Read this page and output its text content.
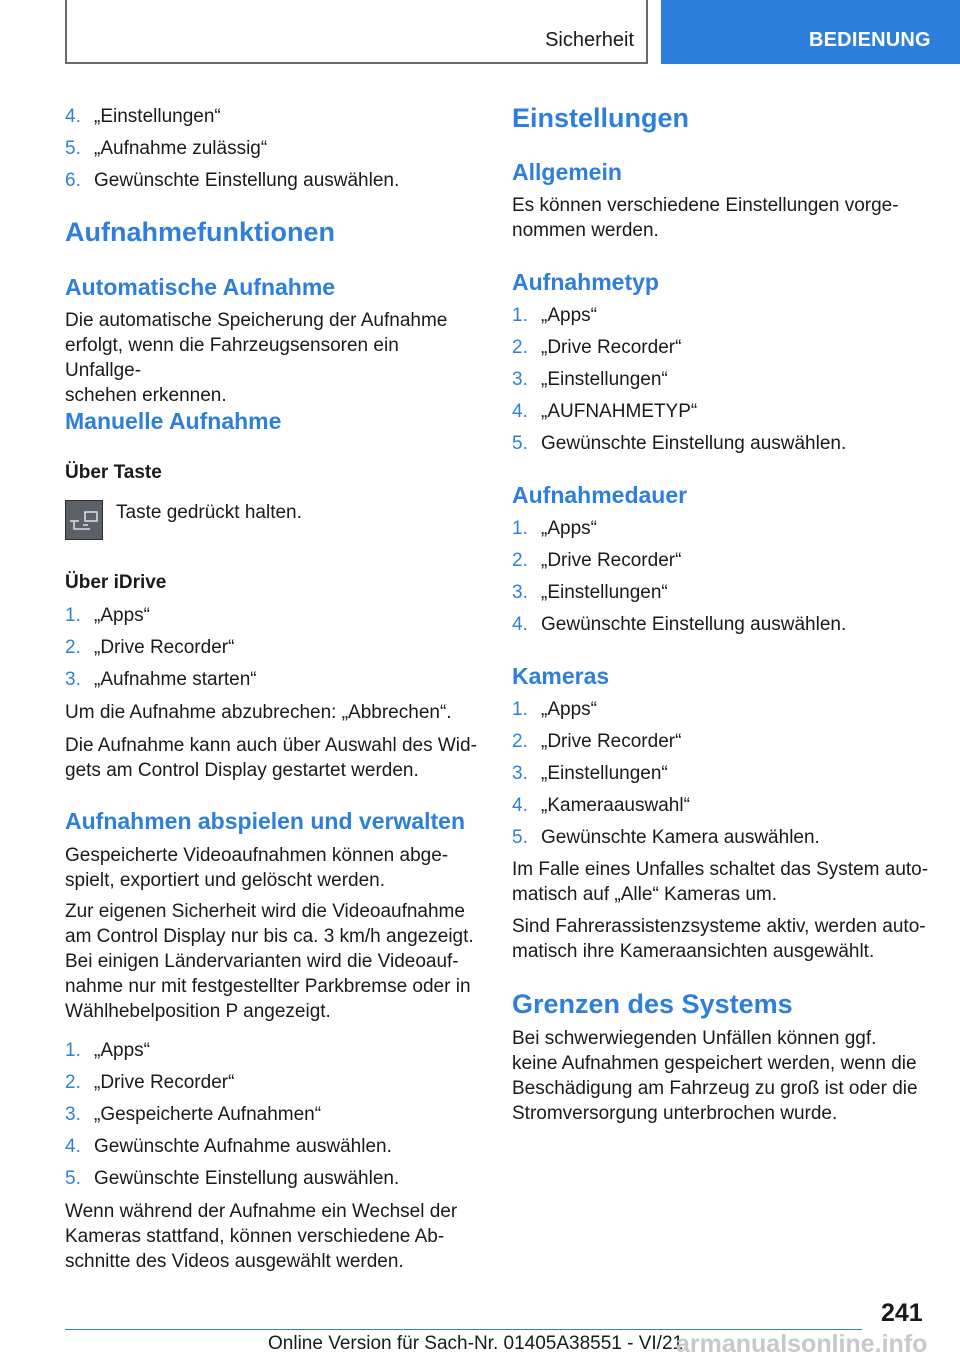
Sicherheit	BEDIENUNG
4. „Einstellungen“
5. „Aufnahme zulässig“
6. Gewünschte Einstellung auswählen.
Aufnahmefunktionen
Automatische Aufnahme
Die automatische Speicherung der Aufnahme
erfolgt, wenn die Fahrzeugsensoren ein Unfallge-
schehen erkennen.
Manuelle Aufnahme
Über Taste
Taste gedrückt halten.
Über iDrive
1. „Apps“
2. „Drive Recorder“
3. „Aufnahme starten“
Um die Aufnahme abzubrechen: „Abbrechen“.
Die Aufnahme kann auch über Auswahl des Wid-
gets am Control Display gestartet werden.
Aufnahmen abspielen und verwalten
Gespeicherte Videoaufnahmen können abge-
spielt, exportiert und gelöscht werden.
Zur eigenen Sicherheit wird die Videoaufnahme
am Control Display nur bis ca. 3 km/h angezeigt.
Bei einigen Ländervarianten wird die Videoauf-
nahme nur mit festgestellter Parkbremse oder in
Wählhebelposition P angezeigt.
1. „Apps“
2. „Drive Recorder“
3. „Gespeicherte Aufnahmen“
4. Gewünschte Aufnahme auswählen.
5. Gewünschte Einstellung auswählen.
Wenn während der Aufnahme ein Wechsel der
Kameras stattfand, können verschiedene Ab-
schnitte des Videos ausgewählt werden.
Einstellungen
Allgemein
Es können verschiedene Einstellungen vorge-
nommen werden.
Aufnahmetyp
1. „Apps“
2. „Drive Recorder“
3. „Einstellungen“
4. „AUFNAHMETYP“
5. Gewünschte Einstellung auswählen.
Aufnahmedauer
1. „Apps“
2. „Drive Recorder“
3. „Einstellungen“
4. Gewünschte Einstellung auswählen.
Kameras
1. „Apps“
2. „Drive Recorder“
3. „Einstellungen“
4. „Kameraauswahl“
5. Gewünschte Kamera auswählen.
Im Falle eines Unfalles schaltet das System auto-
matisch auf „Alle“ Kameras um.
Sind Fahrerassistenzsysteme aktiv, werden auto-
matisch ihre Kameraansichten ausgewählt.
Grenzen des Systems
Bei schwerwiegenden Unfällen können ggf.
keine Aufnahmen gespeichert werden, wenn die
Beschädigung am Fahrzeug zu groß ist oder die
Stromversorgung unterbrochen wurde.
241
Online Version für Sach-Nr. 01405A38551 - VI/21
armanualsonline.info
